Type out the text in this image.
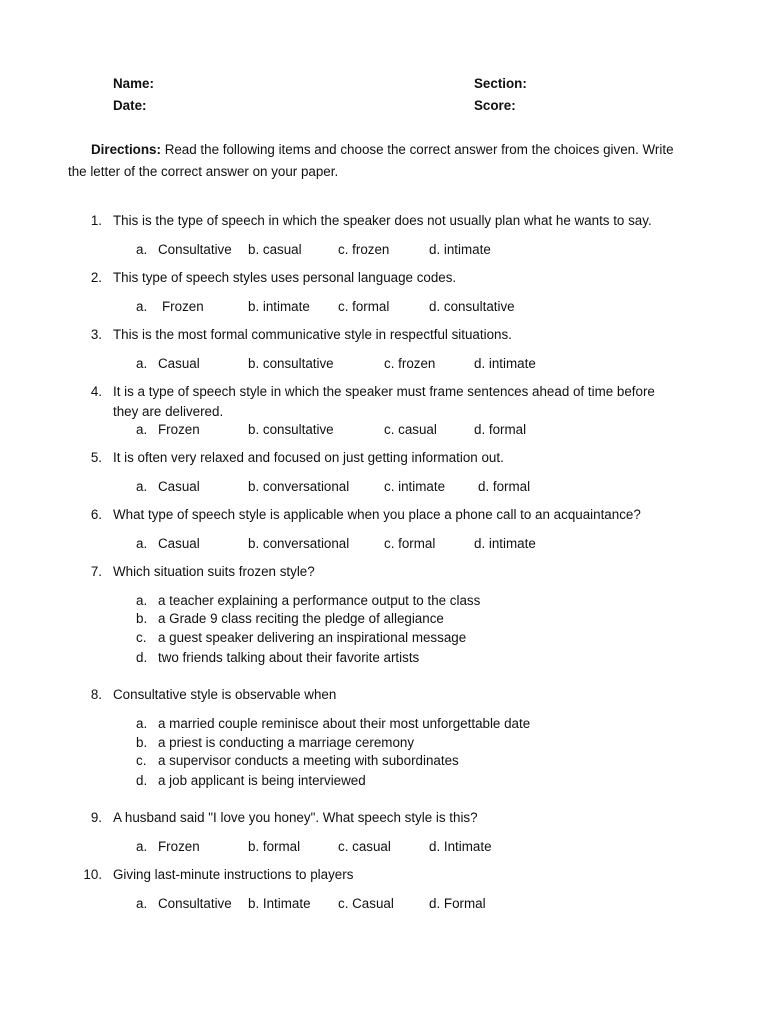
Name:	Section:
Date:	Score:
Directions: Read the following items and choose the correct answer from the choices given. Write
the letter of the correct answer on your paper.
1. This is the type of speech in which the speaker does not usually plan what he wants to say.
a. Consultative b. casual	c. frozen	d. intimate
2. This type of speech styles uses personal language codes.
a. Frozen	b. intimate c. formal	d. consultative
3. This is the most formal communicative style in respectful situations.
a. Casual	b. consultative	c. frozen	d. intimate
4. It is a type of speech style in which the speaker must frame sentences ahead of time before
they are delivered.
a. Frozen	b. consultative	c. casual	d. formal
5. It is often very relaxed and focused on just getting information out.
a. Casual	b. conversational	c. intimate d. formal
6. What type of speech style is applicable when you place a phone call to an acquaintance?
a. Casual	b. conversational	c. formal	d. intimate
7. Which situation suits frozen style?
a. a teacher explaining a performance output to the class
b. a Grade 9 class reciting the pledge of allegiance
c. a guest speaker delivering an inspirational message
d. two friends talking about their favorite artists
8. Consultative style is observable when
a. a married couple reminisce about their most unforgettable date
b. a priest is conducting a marriage ceremony
c. a supervisor conducts a meeting with subordinates
d. a job applicant is being interviewed
9. A husband said "I love you honey". What speech style is this?
a. Frozen	b. formal	c. casual	d. Intimate
10. Giving last-minute instructions to players
a. Consultative b. Intimate c. Casual	d. Formal
